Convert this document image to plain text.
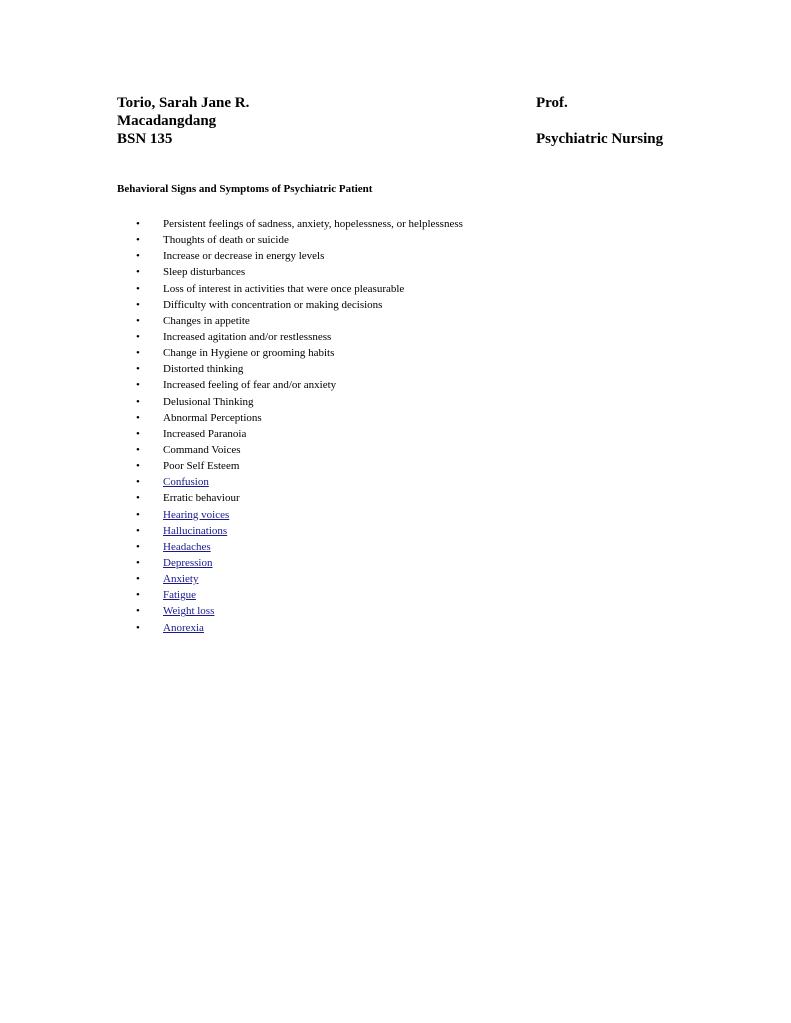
Torio, Sarah Jane R.	Prof.
Macadangdang
BSN 135	Psychiatric Nursing
Behavioral Signs and Symptoms of Psychiatric Patient
• Persistent feelings of sadness, anxiety, hopelessness, or helplessness
• Thoughts of death or suicide
• Increase or decrease in energy levels
• Sleep disturbances
• Loss of interest in activities that were once pleasurable
• Difficulty with concentration or making decisions
• Changes in appetite
• Increased agitation and/or restlessness
• Change in Hygiene or grooming habits
• Distorted thinking
• Increased feeling of fear and/or anxiety
• Delusional Thinking
• Abnormal Perceptions
• Increased Paranoia
• Command Voices
• Poor Self Esteem
• Confusion
• Erratic behaviour
• Hearing voices
• Hallucinations
• Headaches
• Depression
• Anxiety
• Fatigue
• Weight loss
• Anorexia
